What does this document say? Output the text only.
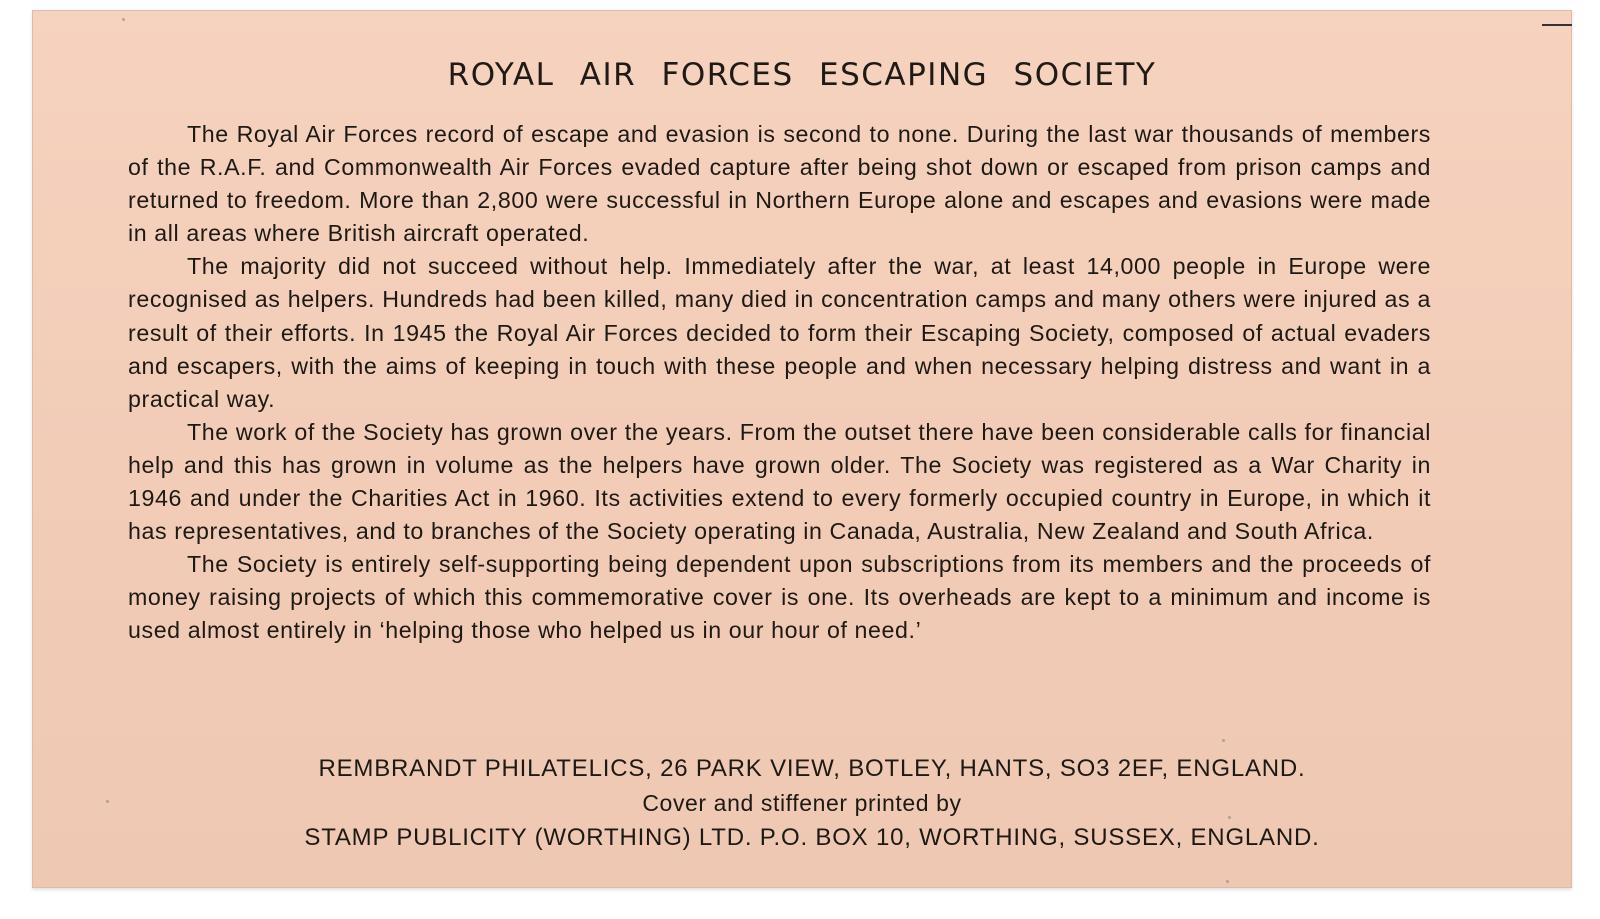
ROYAL AIR FORCES ESCAPING SOCIETY

The Royal Air Forces record of escape and evasion is second to none. During the last war thousands of members of the R.A.F. and Commonwealth Air Forces evaded capture after being shot down or escaped from prison camps and returned to freedom. More than 2,800 were successful in Northern Europe alone and escapes and evasions were made in all areas where British aircraft operated.

The majority did not succeed without help. Immediately after the war, at least 14,000 people in Europe were recognised as helpers. Hundreds had been killed, many died in concentration camps and many others were injured as a result of their efforts. In 1945 the Royal Air Forces decided to form their Escaping Society, composed of actual evaders and escapers, with the aims of keeping in touch with these people and when necessary helping distress and want in a practical way.

The work of the Society has grown over the years. From the outset there have been considerable calls for financial help and this has grown in volume as the helpers have grown older. The Society was registered as a War Charity in 1946 and under the Charities Act in 1960. Its activities extend to every formerly occupied country in Europe, in which it has representatives, and to branches of the Society operating in Canada, Australia, New Zealand and South Africa.

The Society is entirely self-supporting being dependent upon subscriptions from its members and the proceeds of money raising projects of which this commemorative cover is one. Its overheads are kept to a minimum and income is used almost entirely in ‘helping those who helped us in our hour of need.’

REMBRANDT PHILATELICS, 26 PARK VIEW, BOTLEY, HANTS, SO3 2EF, ENGLAND.
Cover and stiffener printed by
STAMP PUBLICITY (WORTHING) LTD. P.O. BOX 10, WORTHING, SUSSEX, ENGLAND.
